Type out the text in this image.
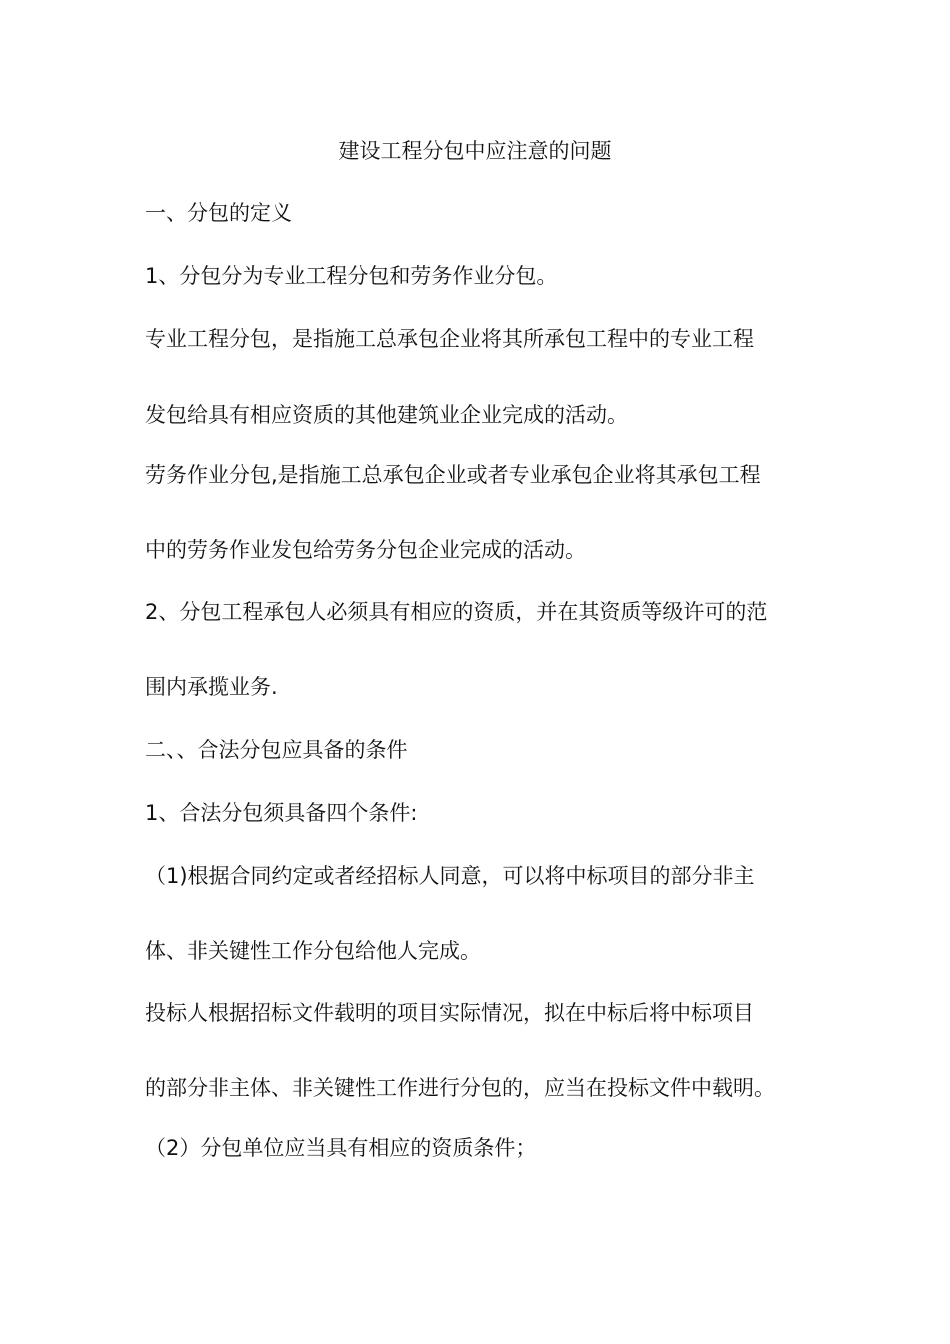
建设工程分包中应注意的问题
一、分包的定义
1、分包分为专业工程分包和劳务作业分包。
专业工程分包，是指施工总承包企业将其所承包工程中的专业工程
发包给具有相应资质的其他建筑业企业完成的活动。
劳务作业分包,是指施工总承包企业或者专业承包企业将其承包工程
中的劳务作业发包给劳务分包企业完成的活动。
2、分包工程承包人必须具有相应的资质，并在其资质等级许可的范
围内承揽业务.
二、、合法分包应具备的条件
1、合法分包须具备四个条件:
（1)根据合同约定或者经招标人同意，可以将中标项目的部分非主
体、非关键性工作分包给他人完成。
投标人根据招标文件载明的项目实际情况，拟在中标后将中标项目
的部分非主体、非关键性工作进行分包的，应当在投标文件中载明。
（2）分包单位应当具有相应的资质条件；
